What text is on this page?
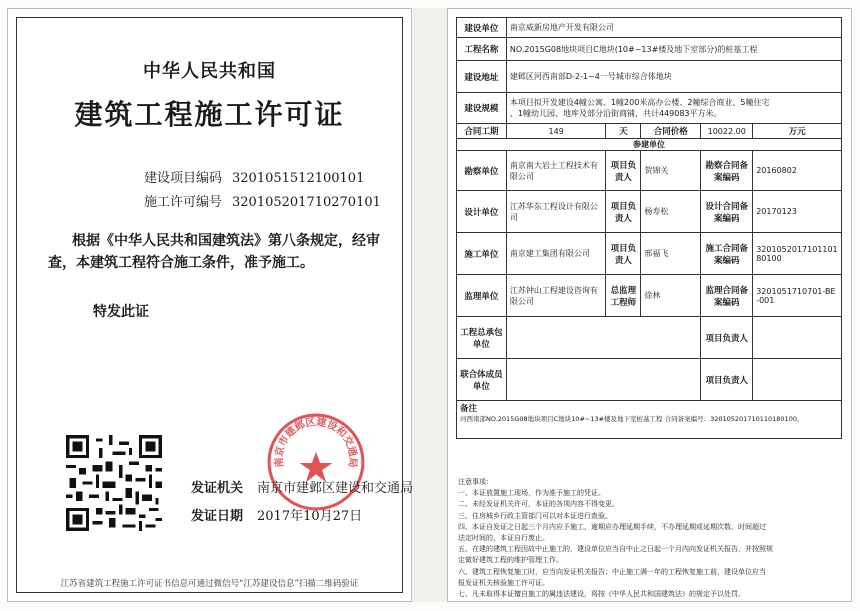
中华人民共和国
建筑工程施工许可证
建设项目编码 3201051512100101
施工许可编号 320105201710270101
根据《中华人民共和国建筑法》第八条规定，经审
查，本建筑工程符合施工条件，准予施工。
特发此证
南京市建邺区建设和交通局
发证机关 南京市建邺区建设和交通局
发证日期 2017年10月27日
江苏省建筑工程施工许可证书信息可通过微信号“江苏建设信息”扫描二维码验证
建设单位	南京威新房地产开发有限公司				
工程名称	NO.2015G08地块项目C地块(10#~13#楼及地下室部分)的桩基工程				
建设地址	建邺区河西南部D-2-1~4一号城市综合体地块				
建设规模	本项目拟开发建设4幢公寓、1幢200米高办公楼、2幢综合商业、5幢住宅
、1幢幼儿园、地库及部分沿街商铺，共计449083平方米。				

合同工期	149	天	合同价格	10022.00	万元
参建单位					
勘察单位	南京南大岩土工程技术有限公司	项目负责人	贺锦关	勘察合同备案编码	20160802
设计单位	江苏华东工程设计有限公司	项目负责人	杨寿松	设计合同备案编码	20170123
施工单位	南京建工集团有限公司	项目负责人	邢福飞	施工合同备案编码	320105201710110180100
监理单位	江苏钟山工程建设咨询有限公司	总监理工程师	徐林	监理合同备案编码	3201051710701-BE-001
工程总承包单位				项目负责人	
联合体成员单位				项目负责人	

备注
河西南部NO.2015G08地块项目C地块10#~13#楼及地下室桩基工程 合同备案编号：320105201710110180100。					
注意事项：
一、本证放置施工现场，作为准予施工的凭证。
二、未经发证机关许可，本证的各项内容不得变更。
三、住房城乡行政主管部门可以对本证进行查验。
四、本证自发证之日起三个月内应予施工，逾期应办理延期手续，不办理延期或延期次数、时间超过
法定时间的，本证自行废止。
五、在建的建筑工程因故中止施工的，建设单位应当自中止之日起一个月内向发证机关报告，并按照规
定做好建筑工程的维护管理工作。
六、建筑工程恢复施工时，应当向发证机关报告；中止施工满一年的工程恢复施工前，建设单位应当
报发证机关核验施工许可证。
七、凡未取得本证擅自施工的属违法建设，将按《中华人民共和国建筑法》的规定予以处罚。
